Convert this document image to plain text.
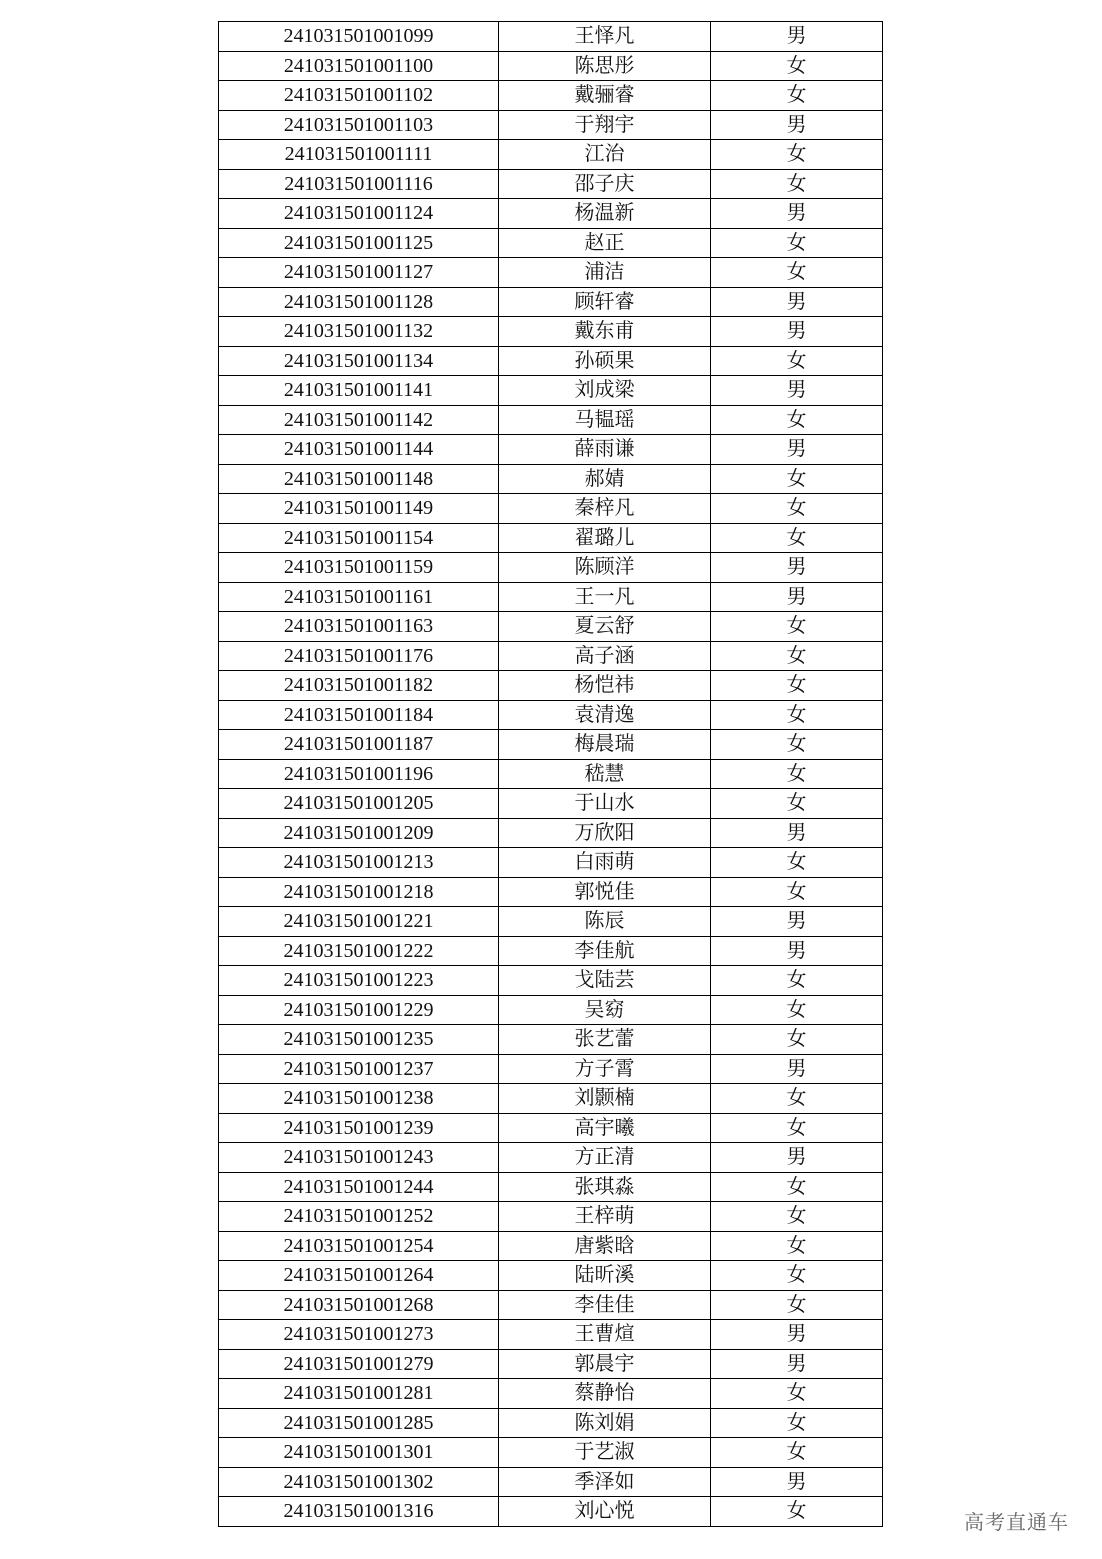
241031501001099	王怿凡	男
241031501001100	陈思彤	女
241031501001102	戴骊睿	女
241031501001103	于翔宇	男
241031501001111	江治	女
241031501001116	邵子庆	女
241031501001124	杨温新	男
241031501001125	赵正	女
241031501001127	浦洁	女
241031501001128	顾轩睿	男
241031501001132	戴东甫	男
241031501001134	孙硕果	女
241031501001141	刘成梁	男
241031501001142	马韫瑶	女
241031501001144	薛雨谦	男
241031501001148	郝婧	女
241031501001149	秦梓凡	女
241031501001154	翟璐儿	女
241031501001159	陈顾洋	男
241031501001161	王一凡	男
241031501001163	夏云舒	女
241031501001176	高子涵	女
241031501001182	杨恺祎	女
241031501001184	袁清逸	女
241031501001187	梅晨瑞	女
241031501001196	嵇慧	女
241031501001205	于山水	女
241031501001209	万欣阳	男
241031501001213	白雨萌	女
241031501001218	郭悦佳	女
241031501001221	陈辰	男
241031501001222	李佳航	男
241031501001223	戈陆芸	女
241031501001229	吴窈	女
241031501001235	张艺蕾	女
241031501001237	方子霄	男
241031501001238	刘颢楠	女
241031501001239	高宇曦	女
241031501001243	方正清	男
241031501001244	张琪淼	女
241031501001252	王梓萌	女
241031501001254	唐紫晗	女
241031501001264	陆昕溪	女
241031501001268	李佳佳	女
241031501001273	王曹煊	男
241031501001279	郭晨宇	男
241031501001281	蔡静怡	女
241031501001285	陈刘娟	女
241031501001301	于艺淑	女
241031501001302	季泽如	男
241031501001316	刘心悦	女	高考直通车
